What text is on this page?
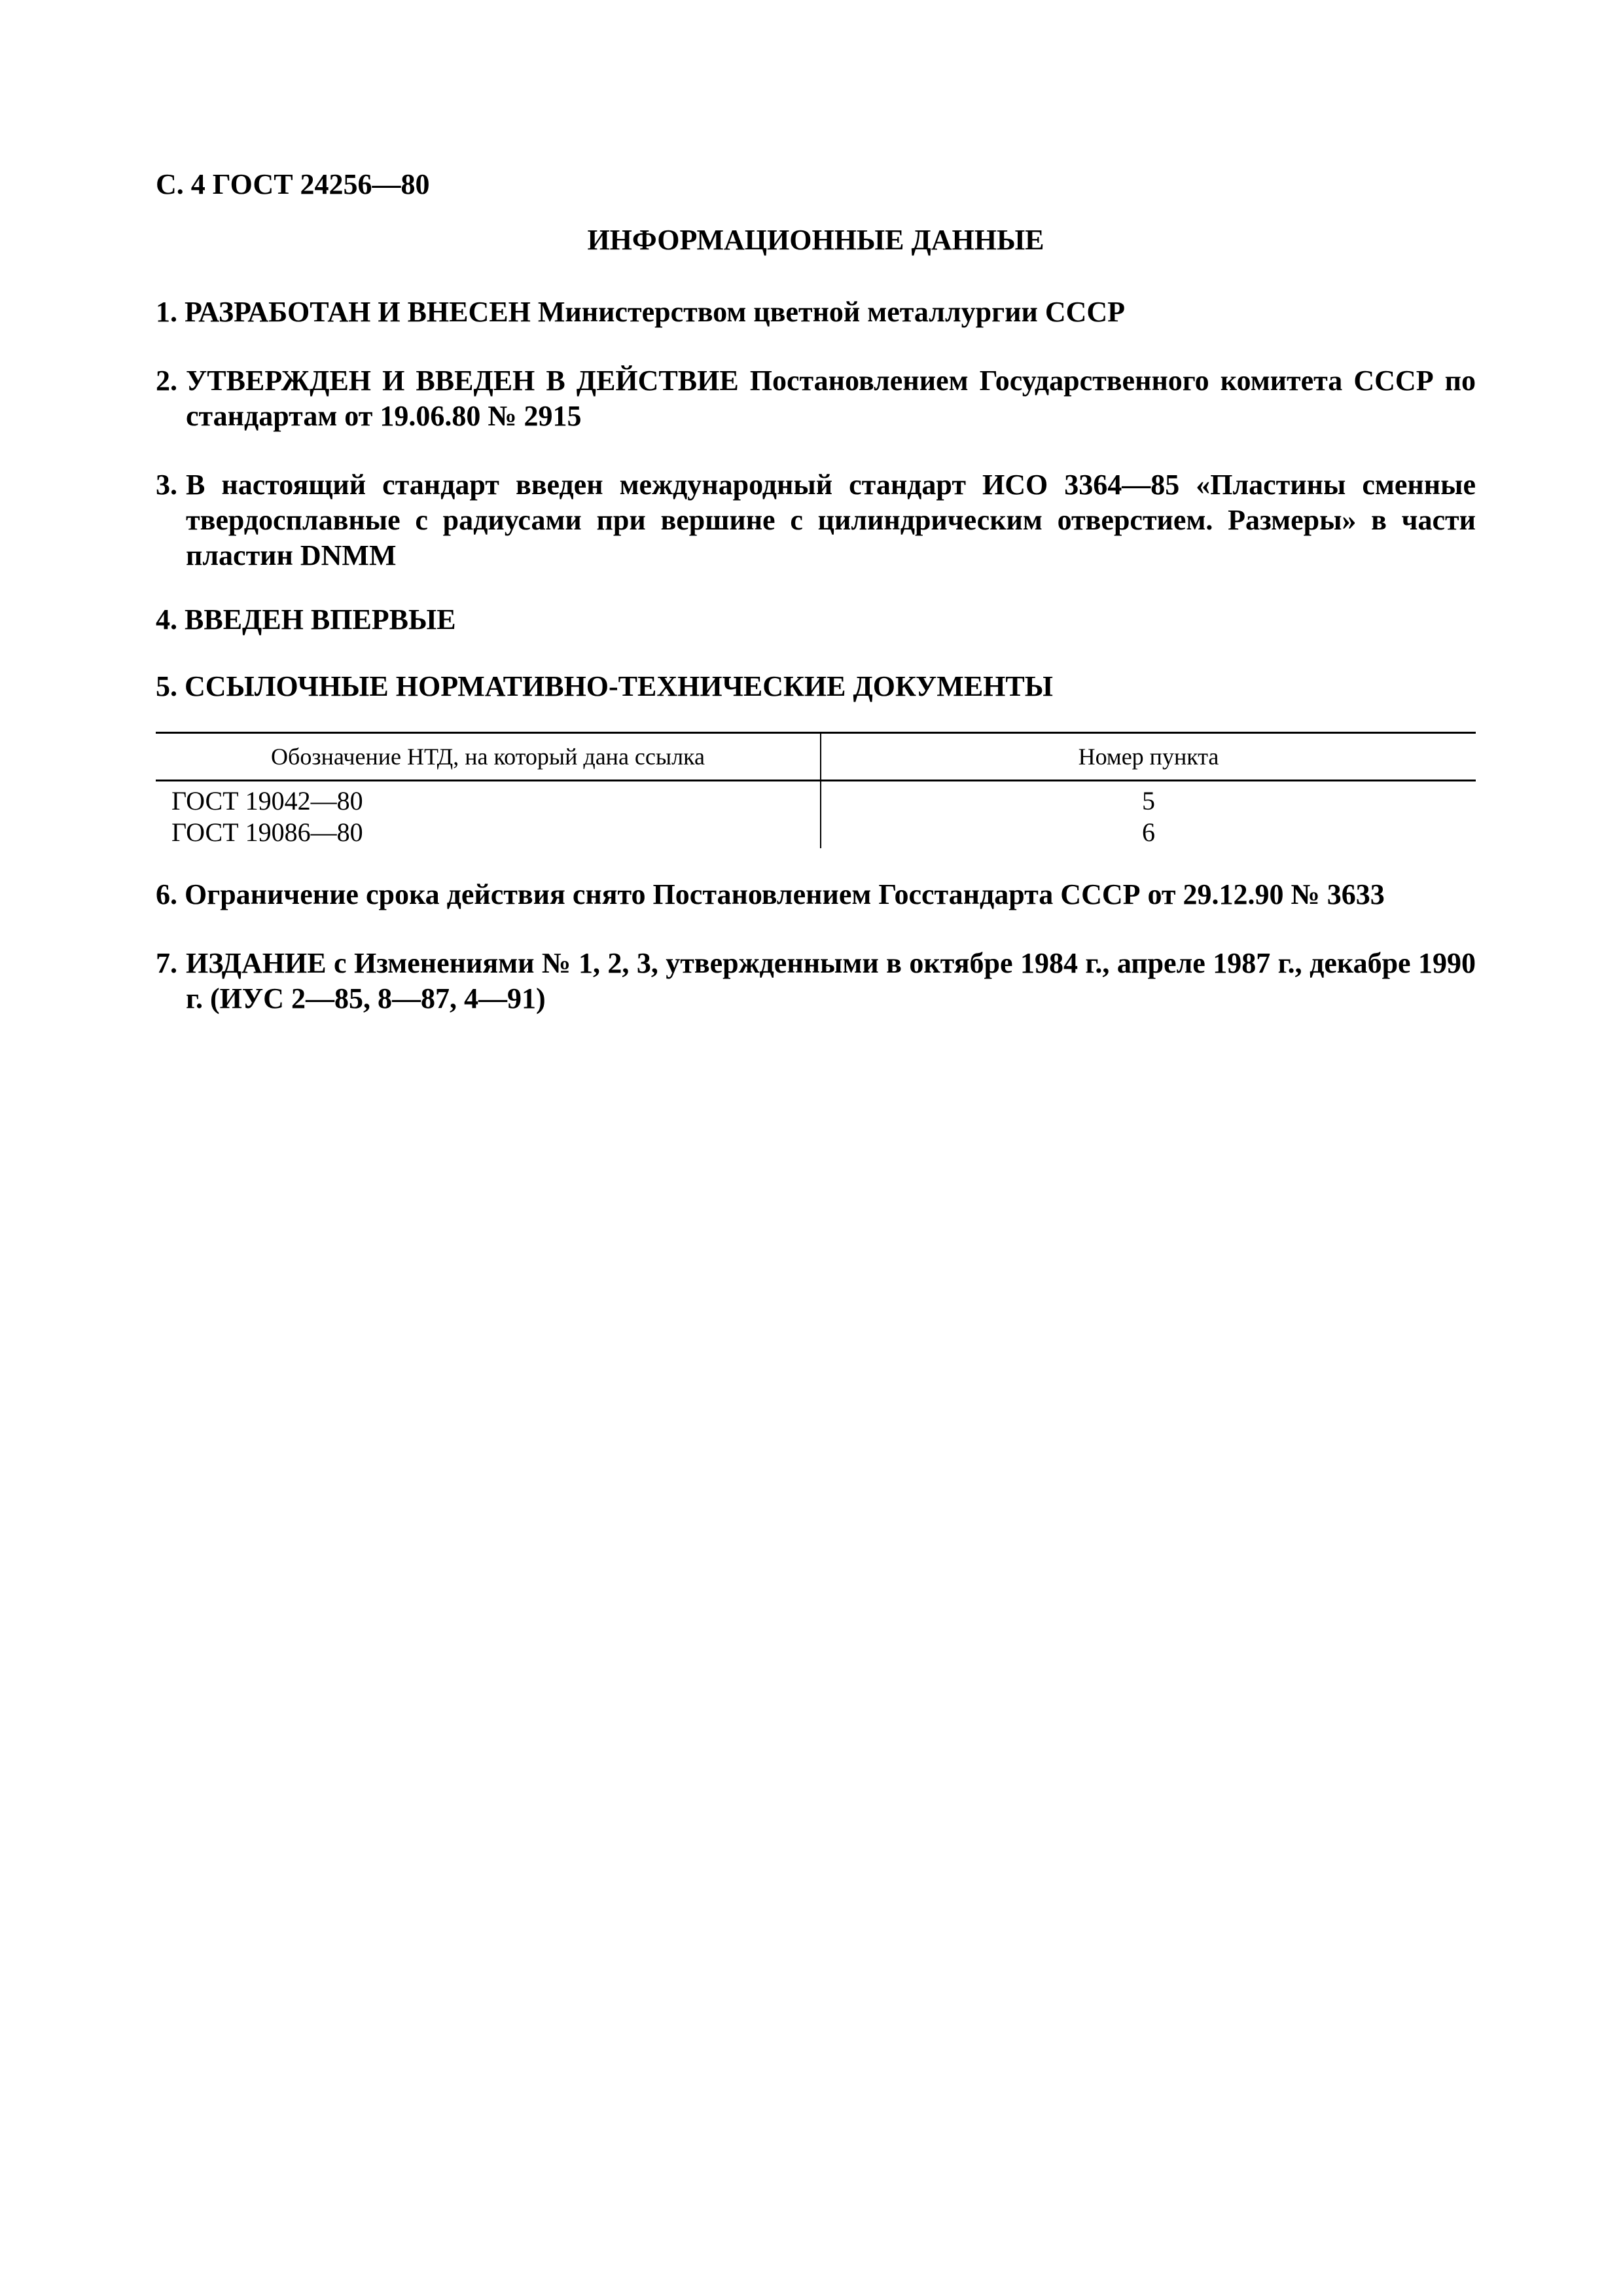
С. 4 ГОСТ 24256—80
ИНФОРМАЦИОННЫЕ ДАННЫЕ
1. РАЗРАБОТАН И ВНЕСЕН Министерством цветной металлургии СССР
2. УТВЕРЖДЕН И ВВЕДЕН В ДЕЙСТВИЕ Постановлением Государственного комитета СССР по стандартам от 19.06.80 № 2915
3. В настоящий стандарт введен международный стандарт ИСО 3364—85 «Пластины сменные твердосплавные с радиусами при вершине с цилиндрическим отверстием. Размеры» в части пластин DNMM
4. ВВЕДЕН ВПЕРВЫЕ
5. ССЫЛОЧНЫЕ НОРМАТИВНО-ТЕХНИЧЕСКИЕ ДОКУМЕНТЫ
Обозначение НТД, на который дана ссылка	Номер пункта
ГОСТ 19042—80	5
ГОСТ 19086—80	6
6. Ограничение срока действия снято Постановлением Госстандарта СССР от 29.12.90 № 3633
7. ИЗДАНИЕ с Изменениями № 1, 2, 3, утвержденными в октябре 1984 г., апреле 1987 г., декабре 1990 г. (ИУС 2—85, 8—87, 4—91)
